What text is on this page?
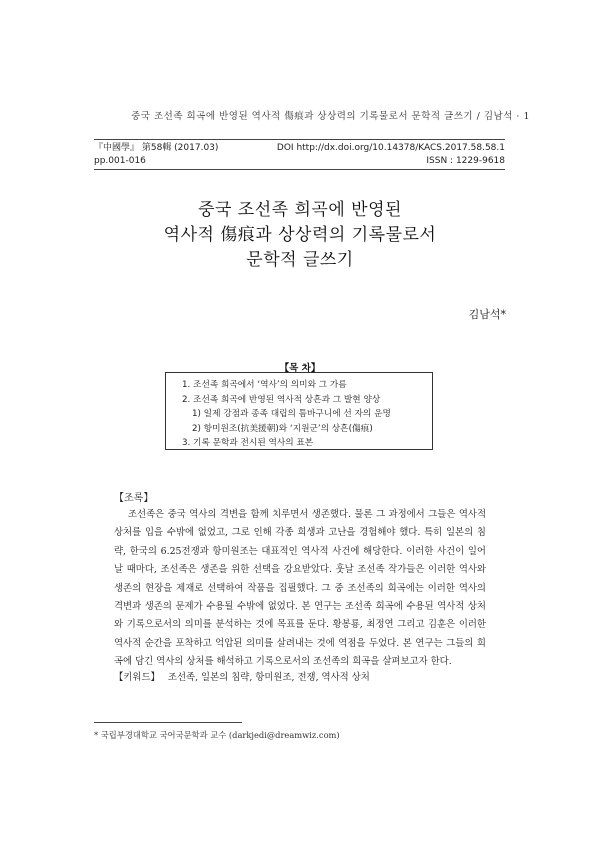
중국 조선족 희곡에 반영된 역사적 傷痕과 상상력의 기록물로서 문학적 글쓰기 / 김남석 · 1
『中國學』 第58輯 (2017.03)	DOI http://dx.doi.org/10.14378/KACS.2017.58.58.1
pp.001-016	ISSN : 1229-9618
중국 조선족 희곡에 반영된
역사적 傷痕과 상상력의 기록물로서
문학적 글쓰기
김남석*
【목 차】
1. 조선족 희곡에서 ‘역사’의 의미와 그 가름
2. 조선족 희곡에 반영된 역사적 상흔과 그 발현 양상
1) 일제 강점과 종족 대립의 틈바구니에 선 자의 운명
2) 항미원조(抗美援朝)와 ‘지원군’의 상흔(傷痕)
3. 기록 문학과 전시된 역사의 표본
【조록】
조선족은 중국 역사의 격변을 함께 치루면서 생존했다. 물론 그 과정에서 그들은 역사적 상처를 입을 수밖에 없었고, 그로 인해 각종 희생과 고난을 경험해야 했다. 특히 일본의 침략, 한국의 6.25전쟁과 항미원조는 대표적인 역사적 사건에 해당한다. 이러한 사건이 일어날 때마다, 조선족은 생존을 위한 선택을 강요받았다. 훗날 조선족 작가들은 이러한 역사와 생존의 현장을 제재로 선택하여 작품을 집필했다. 그 중 조선족의 희곡에는 이러한 역사의 격변과 생존의 문제가 수용될 수밖에 없었다. 본 연구는 조선족 희곡에 수용된 역사적 상처와 기록으로서의 의미를 분석하는 것에 목표를 둔다. 황봉룡, 최정연 그리고 김훈은 이러한 역사적 순간을 포착하고 억압된 의미를 살려내는 것에 역점을 두었다. 본 연구는 그들의 희곡에 담긴 역사의 상처를 해석하고 기록으로서의 조선족의 희곡을 살펴보고자 한다.
【키워드】 조선족, 일본의 침략, 항미원조, 전쟁, 역사적 상처
* 국립부경대학교 국어국문학과 교수 (darkjedi@dreamwiz.com)
